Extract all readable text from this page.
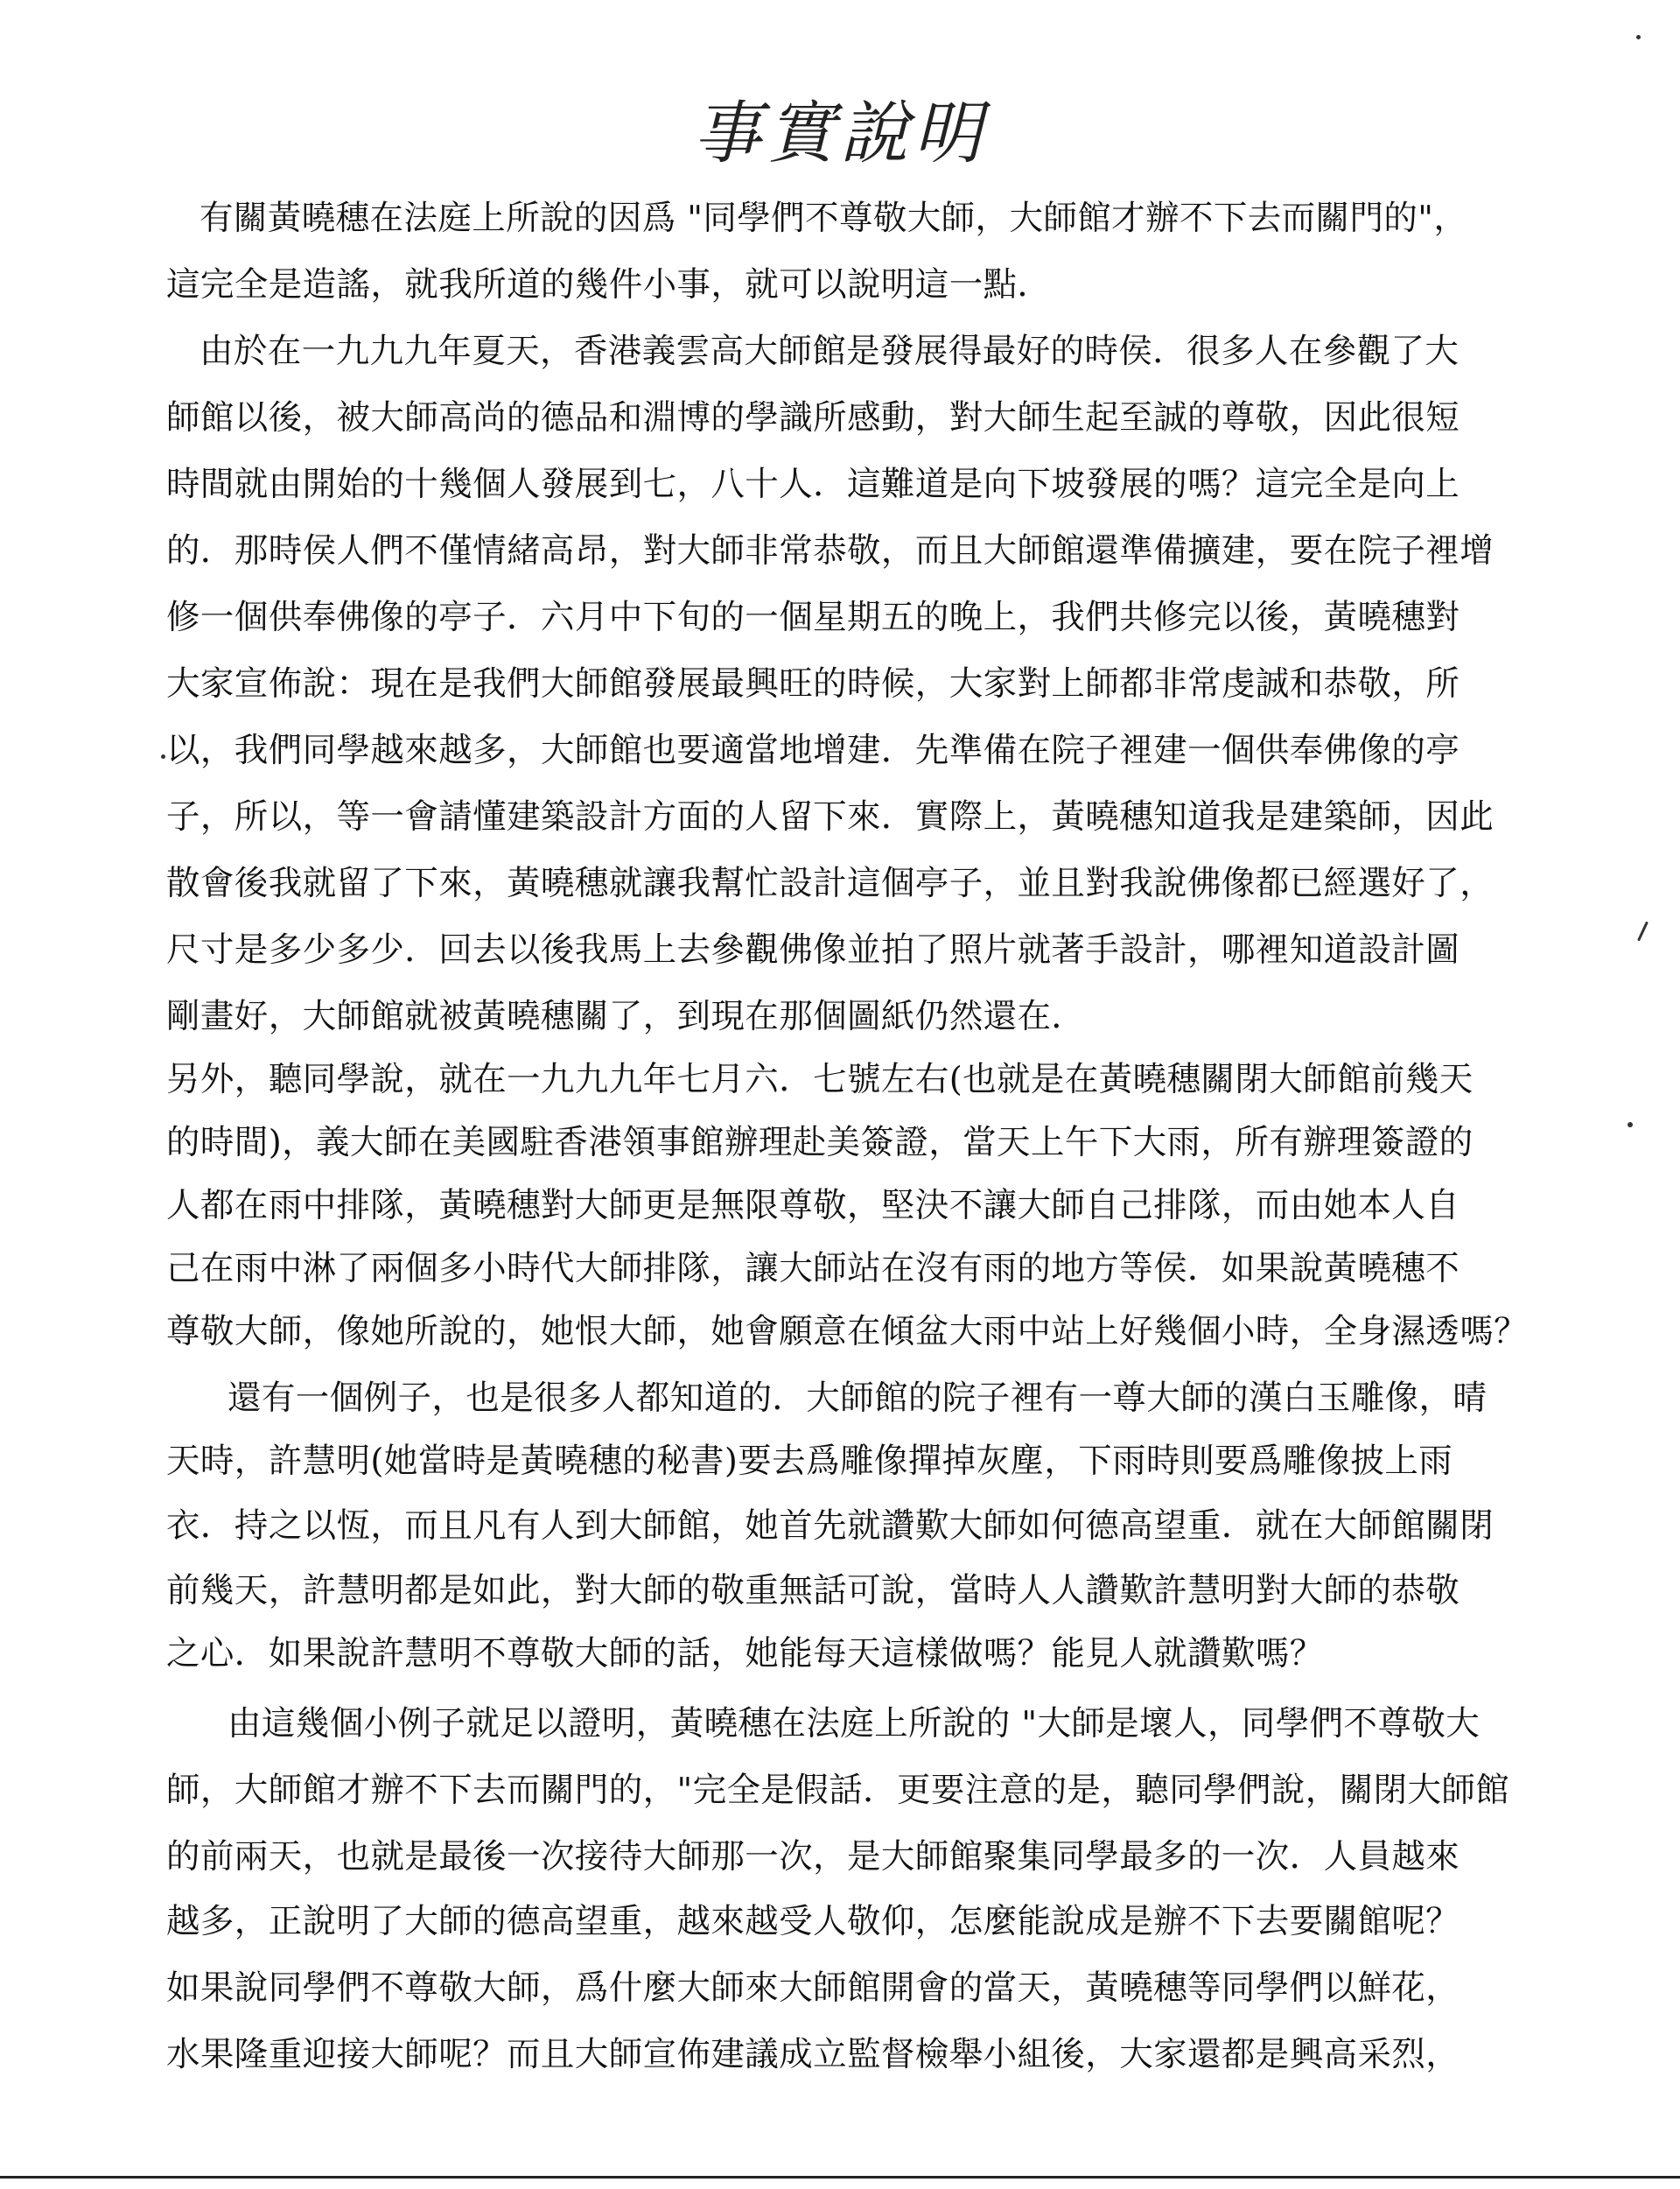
事實說明
有關黃曉穗在法庭上所說的因爲 "同學們不尊敬大師，大師館才辦不下去而關門的"，
這完全是造謠，就我所道的幾件小事，就可以說明這一點．
由於在一九九九年夏天，香港義雲高大師館是發展得最好的時侯．很多人在參觀了大
師館以後，被大師高尚的德品和淵博的學識所感動，對大師生起至誠的尊敬，因此很短
時間就由開始的十幾個人發展到七，八十人．這難道是向下坡發展的嗎？這完全是向上
的．那時侯人們不僅情緒高昂，對大師非常恭敬，而且大師館還準備擴建，要在院子裡增
修一個供奉佛像的亭子．六月中下旬的一個星期五的晚上，我們共修完以後，黃曉穗對
大家宣佈說：現在是我們大師館發展最興旺的時候，大家對上師都非常虔誠和恭敬，所
以，我們同學越來越多，大師館也要適當地增建．先準備在院子裡建一個供奉佛像的亭
子，所以，等一會請懂建築設計方面的人留下來．實際上，黃曉穗知道我是建築師，因此
散會後我就留了下來，黃曉穗就讓我幫忙設計這個亭子，並且對我說佛像都已經選好了，
尺寸是多少多少．回去以後我馬上去參觀佛像並拍了照片就著手設計，哪裡知道設計圖
剛畫好，大師館就被黃曉穗關了，到現在那個圖紙仍然還在．
另外，聽同學說，就在一九九九年七月六．七號左右(也就是在黃曉穗關閉大師館前幾天
的時間)，義大師在美國駐香港領事館辦理赴美簽證，當天上午下大雨，所有辦理簽證的
人都在雨中排隊，黃曉穗對大師更是無限尊敬，堅決不讓大師自己排隊，而由她本人自
己在雨中淋了兩個多小時代大師排隊，讓大師站在沒有雨的地方等侯．如果說黃曉穗不
尊敬大師，像她所說的，她恨大師，她會願意在傾盆大雨中站上好幾個小時，全身濕透嗎？
還有一個例子，也是很多人都知道的．大師館的院子裡有一尊大師的漢白玉雕像，晴
天時，許慧明(她當時是黃曉穗的秘書)要去爲雕像撣掉灰塵，下雨時則要爲雕像披上雨
衣．持之以恆，而且凡有人到大師館，她首先就讚歎大師如何德高望重．就在大師館關閉
前幾天，許慧明都是如此，對大師的敬重無話可說，當時人人讚歎許慧明對大師的恭敬
之心．如果說許慧明不尊敬大師的話，她能每天這樣做嗎？能見人就讚歎嗎？
由這幾個小例子就足以證明，黃曉穗在法庭上所說的 "大師是壞人，同學們不尊敬大
師，大師館才辦不下去而關門的，"完全是假話．更要注意的是，聽同學們說，關閉大師館
的前兩天，也就是最後一次接待大師那一次，是大師館聚集同學最多的一次．人員越來
越多，正說明了大師的德高望重，越來越受人敬仰，怎麼能說成是辦不下去要關館呢？
如果說同學們不尊敬大師，爲什麼大師來大師館開會的當天，黃曉穗等同學們以鮮花，
水果隆重迎接大師呢？而且大師宣佈建議成立監督檢舉小組後，大家還都是興高采烈，
